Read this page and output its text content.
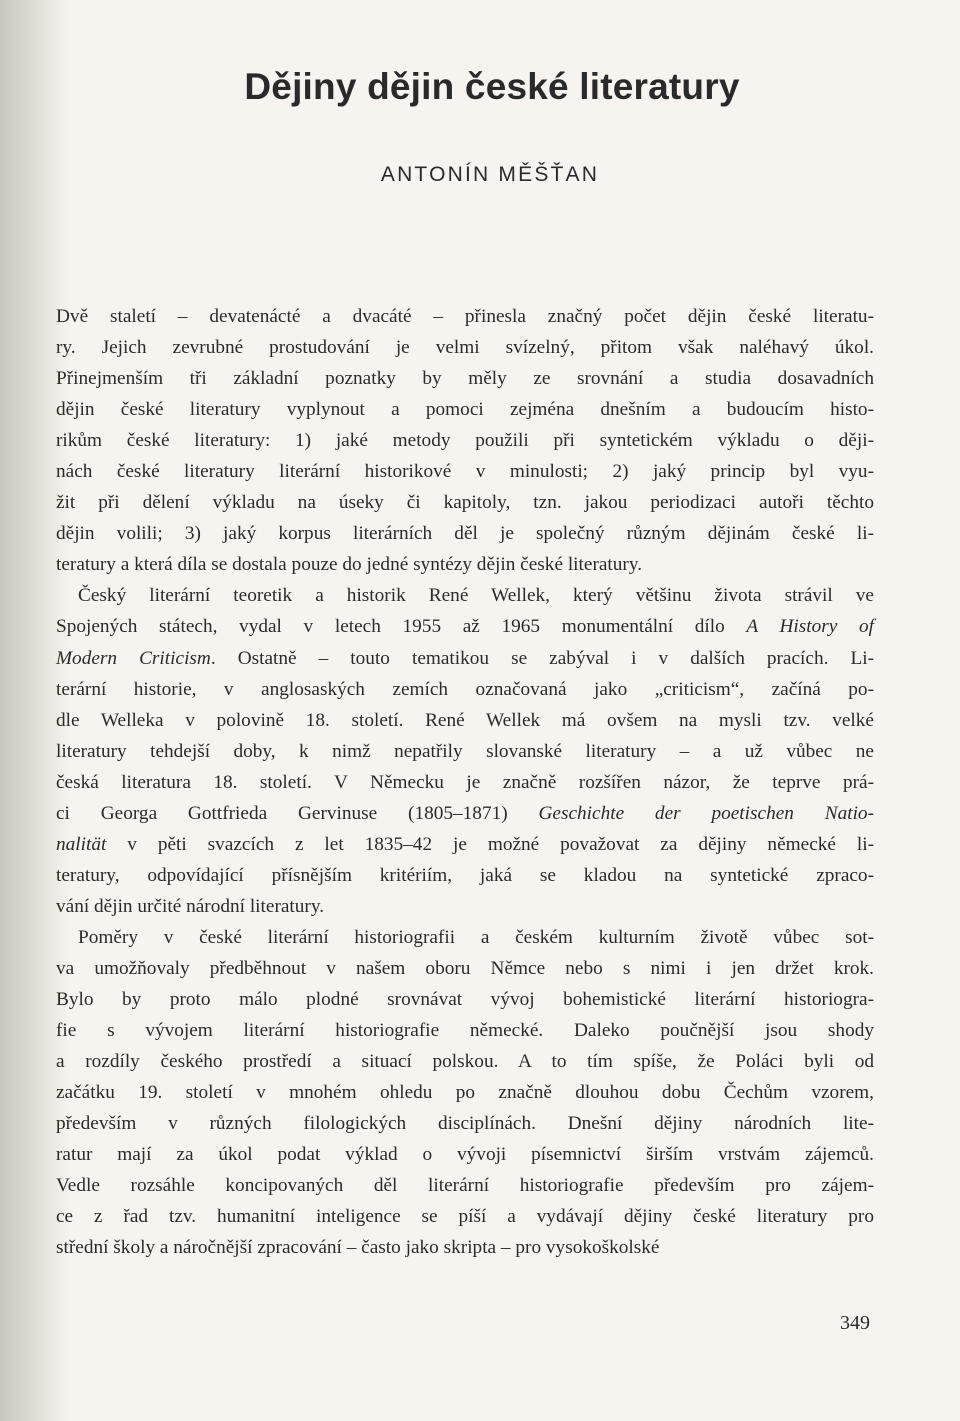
Dějiny dějin české literatury
ANTONÍN MĚŠŤAN
Dvě staletí – devatenácté a dvacáté – přinesla značný počet dějin české literatu-
ry. Jejich zevrubné prostudování je velmi svízelný, přitom však naléhavý úkol.
Přinejmenším tři základní poznatky by měly ze srovnání a studia dosavadních
dějin české literatury vyplynout a pomoci zejména dnešním a budoucím histo-
rikům české literatury: 1) jaké metody použili při syntetickém výkladu o ději-
nách české literatury literární historikové v minulosti; 2) jaký princip byl vyu-
žit při dělení výkladu na úseky či kapitoly, tzn. jakou periodizaci autoři těchto
dějin volili; 3) jaký korpus literárních děl je společný různým dějinám české li-
teratury a která díla se dostala pouze do jedné syntézy dějin české literatury.
Český literární teoretik a historik René Wellek, který většinu života strávil ve
Spojených státech, vydal v letech 1955 až 1965 monumentální dílo A History of
Modern Criticism. Ostatně – touto tematikou se zabýval i v dalších pracích. Li-
terární historie, v anglosaských zemích označovaná jako „criticism“, začíná po-
dle Welleka v polovině 18. století. René Wellek má ovšem na mysli tzv. velké
literatury tehdejší doby, k nimž nepatřily slovanské literatury – a už vůbec ne
česká literatura 18. století. V Německu je značně rozšířen názor, že teprve prá-
ci Georga Gottfrieda Gervinuse (1805–1871) Geschichte der poetischen Natio-
nalität v pěti svazcích z let 1835–42 je možné považovat za dějiny německé li-
teratury, odpovídající přísnějším kritériím, jaká se kladou na syntetické zpraco-
vání dějin určité národní literatury.
Poměry v české literární historiografii a českém kulturním životě vůbec sot-
va umožňovaly předběhnout v našem oboru Němce nebo s nimi i jen držet krok.
Bylo by proto málo plodné srovnávat vývoj bohemistické literární historiogra-
fie s vývojem literární historiografie německé. Daleko poučnější jsou shody
a rozdíly českého prostředí a situací polskou. A to tím spíše, že Poláci byli od
začátku 19. století v mnohém ohledu po značně dlouhou dobu Čechům vzorem,
především v různých filologických disciplínách. Dnešní dějiny národních lite-
ratur mají za úkol podat výklad o vývoji písemnictví širším vrstvám zájemců.
Vedle rozsáhle koncipovaných děl literární historiografie především pro zájem-
ce z řad tzv. humanitní inteligence se píší a vydávají dějiny české literatury pro
střední školy a náročnější zpracování – často jako skripta – pro vysokoškolské
349
